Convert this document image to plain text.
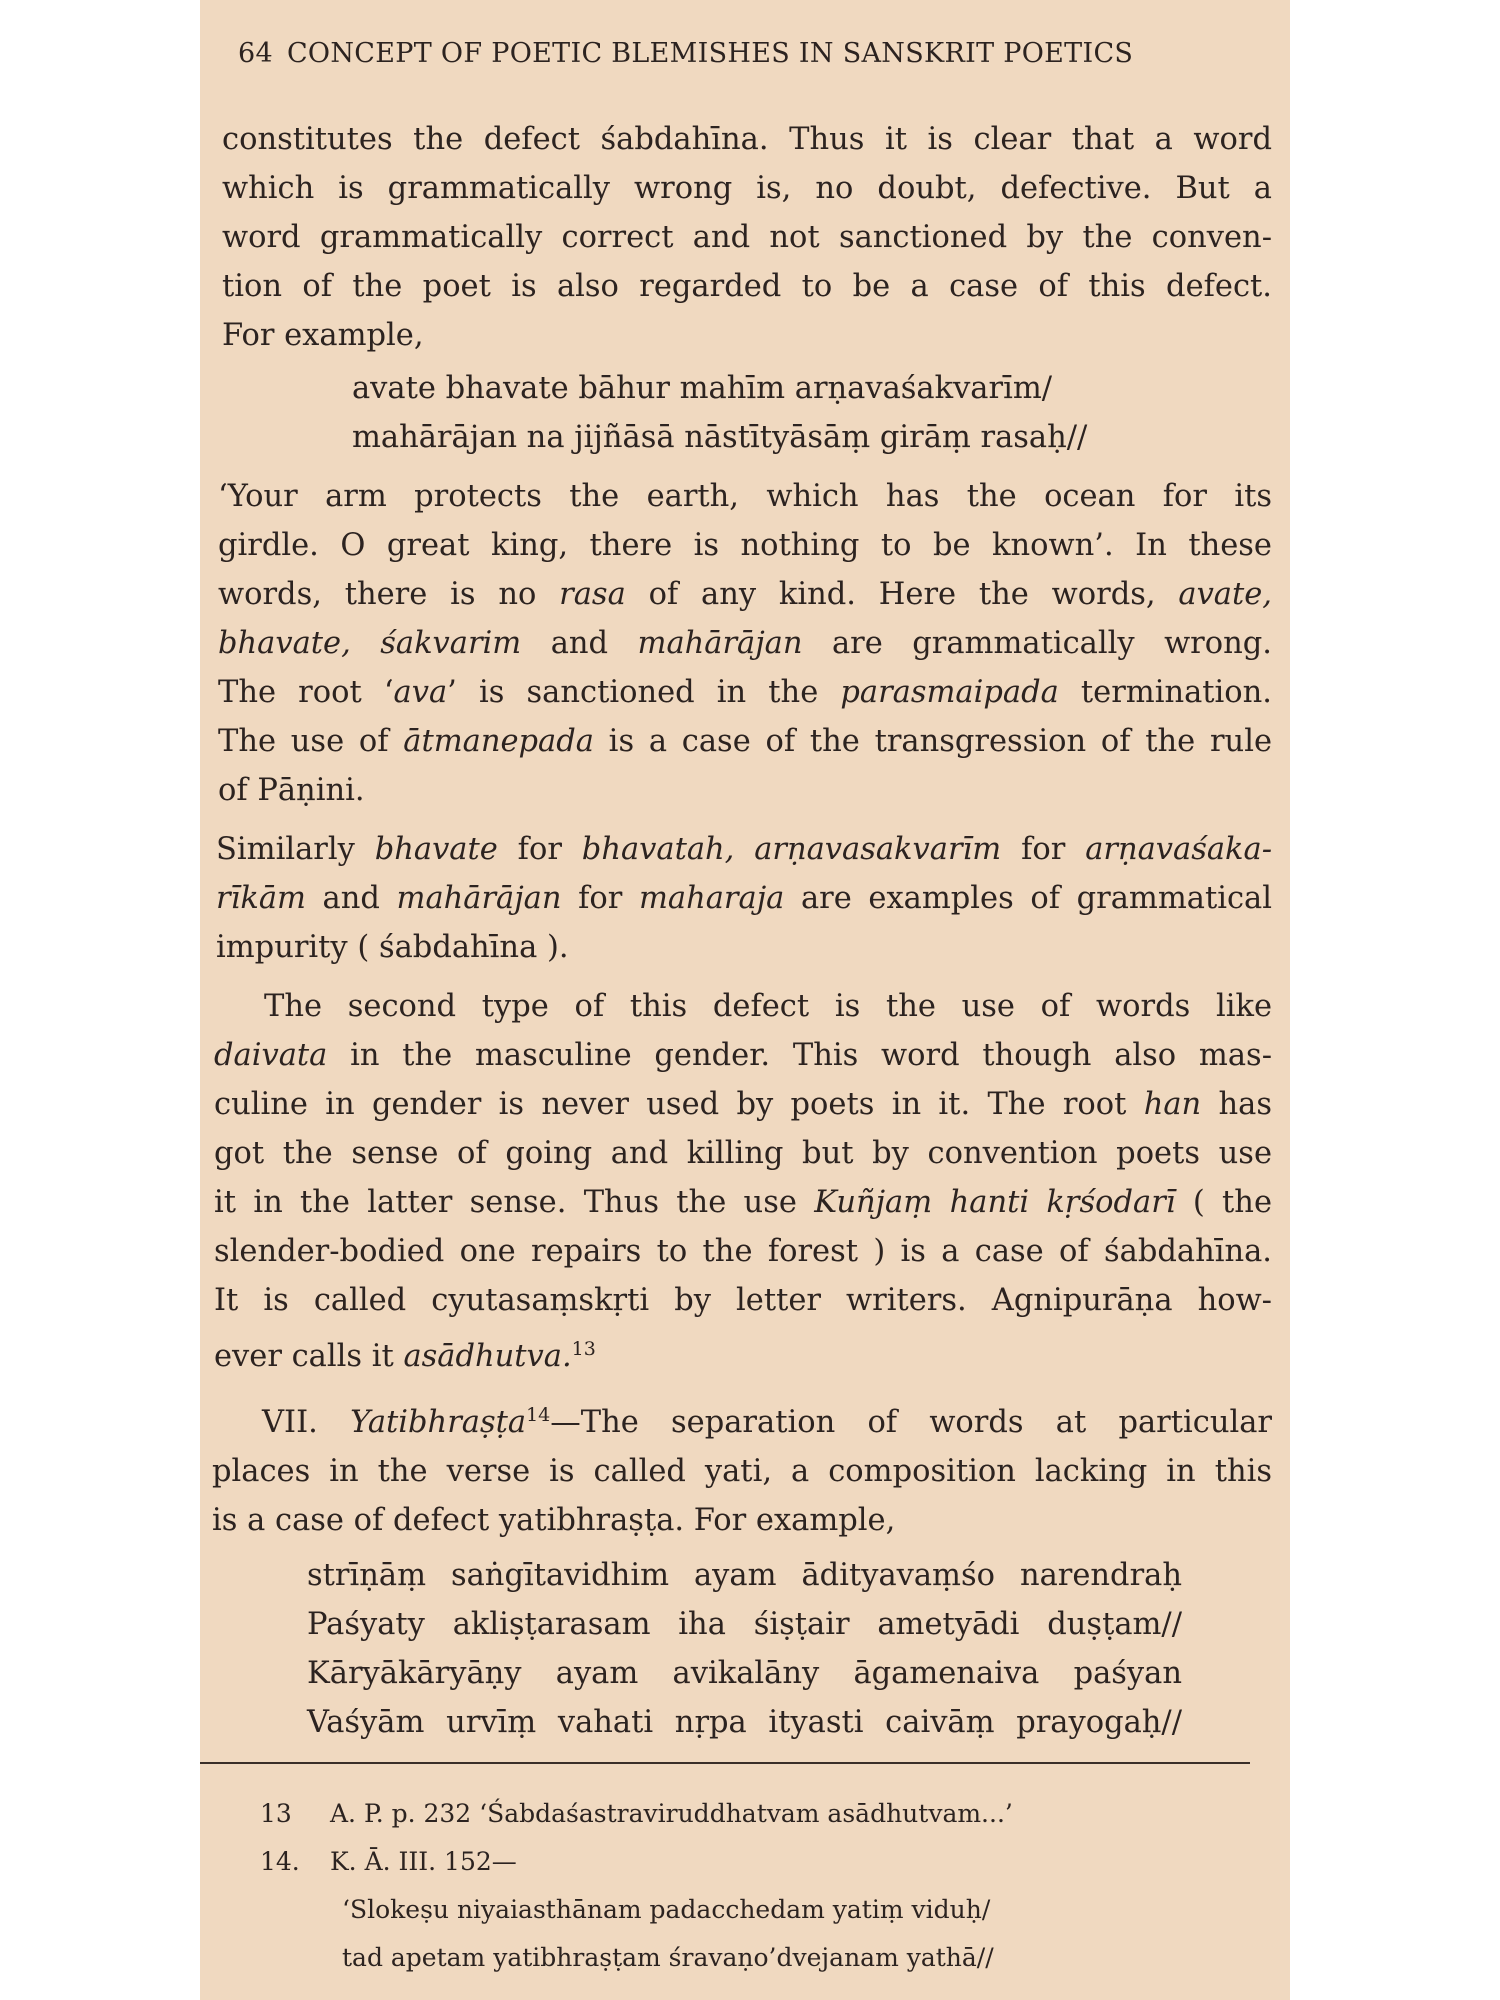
64 CONCEPT OF POETIC BLEMISHES IN SANSKRIT POETICS
constitutes the defect śabdahīna. Thus it is clear that a word
which is grammatically wrong is, no doubt, defective. But a
word grammatically correct and not sanctioned by the conven-
tion of the poet is also regarded to be a case of this defect.
For example,
avate bhavate bāhur mahīm arṇavaśakvarīm/
mahārājan na jijñāsā nāstītyāsāṃ girāṃ rasaḥ//
‘Your arm protects the earth, which has the ocean for its
girdle. O great king, there is nothing to be known’. In these
words, there is no rasa of any kind. Here the words, avate,
bhavate, śakvarim and mahārājan are grammatically wrong.
The root ‘ava’ is sanctioned in the parasmaipada termination.
The use of ātmanepada is a case of the transgression of the rule
of Pāṇini.
Similarly bhavate for bhavatah, arṇavasakvarīm for arṇavaśaka-
rīkām and mahārājan for maharaja are examples of grammatical
impurity ( śabdahīna ).
The second type of this defect is the use of words like
daivata in the masculine gender. This word though also mas-
culine in gender is never used by poets in it. The root han has
got the sense of going and killing but by convention poets use
it in the latter sense. Thus the use Kuñjaṃ hanti kṛśodarī ( the
slender-bodied one repairs to the forest ) is a case of śabdahīna.
It is called cyutasaṃskṛti by letter writers. Agnipurāṇa how-
ever calls it asādhutva.$^{13}$
VII. Yatibhraṣṭa$^{14}$—The separation of words at particular
places in the verse is called yati, a composition lacking in this
is a case of defect yatibhraṣṭa. For example,
strīṇāṃ saṅgītavidhim ayam ādityavaṃśo narendraḥ
Paśyaty akliṣṭarasam iha śiṣṭair ametyādi duṣṭam//
Kāryākāryāṇy ayam avikalāny āgamenaiva paśyan
Vaśyām urvīṃ vahati nṛpa ityasti caivāṃ prayogaḥ//
13	A. P. p. 232 ‘Śabdaśastraviruddhatvam asādhutvam...’
14.	K. Ā. III. 152—
‘Slokeṣu niyaiasthānam padacchedam yatiṃ viduḥ/
tad apetam yatibhraṣṭam śravaṇo’dvejanam yathā//
